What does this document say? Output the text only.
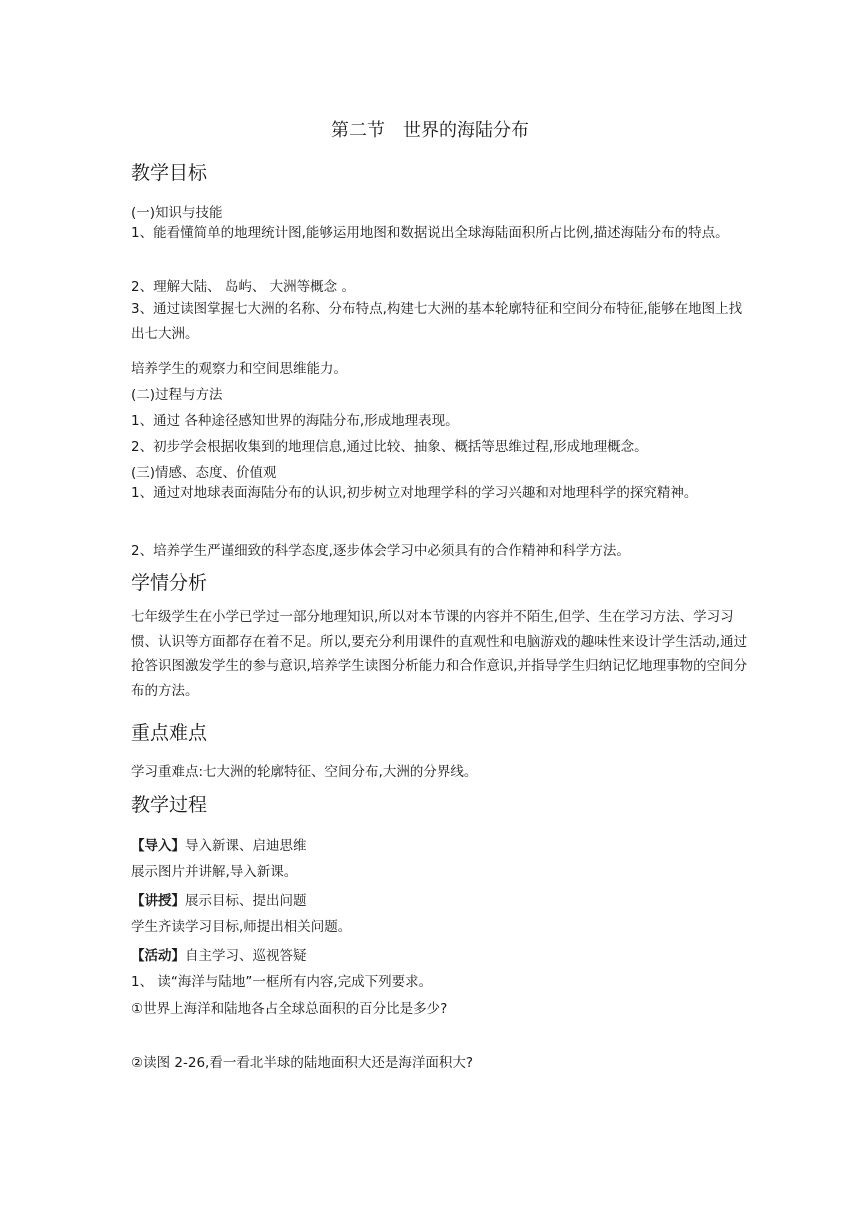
第二节　世界的海陆分布
教学目标
(一)知识与技能
1、能看懂简单的地理统计图,能够运用地图和数据说出全球海陆面积所占比例,描述海陆分布的特点。
2、理解大陆、 岛屿、 大洲等概念 。
3、通过读图掌握七大洲的名称、分布特点,构建七大洲的基本轮廓特征和空间分布特征,能够在地图上找出七大洲。
培养学生的观察力和空间思维能力。
(二)过程与方法
1、通过 各种途径感知世界的海陆分布,形成地理表现。
2、初步学会根据收集到的地理信息,通过比较、抽象、概括等思维过程,形成地理概念。
(三)情感、态度、价值观
1、通过对地球表面海陆分布的认识,初步树立对地理学科的学习兴趣和对地理科学的探究精神。
2、培养学生严谨细致的科学态度,逐步体会学习中必须具有的合作精神和科学方法。
学情分析
七年级学生在小学已学过一部分地理知识,所以对本节课的内容并不陌生,但学、生在学习方法、学习习惯、认识等方面都存在着不足。所以,要充分利用课件的直观性和电脑游戏的趣味性来设计学生活动,通过抢答识图激发学生的参与意识,培养学生读图分析能力和合作意识,并指导学生归纳记忆地理事物的空间分布的方法。
重点难点
学习重难点:七大洲的轮廓特征、空间分布,大洲的分界线。
教学过程
【导入】导入新课、启迪思维
展示图片并讲解,导入新课。
【讲授】展示目标、提出问题
学生齐读学习目标,师提出相关问题。
【活动】自主学习、巡视答疑
1、 读“海洋与陆地”一框所有内容,完成下列要求。
①世界上海洋和陆地各占全球总面积的百分比是多少?
②读图 2-26,看一看北半球的陆地面积大还是海洋面积大?
